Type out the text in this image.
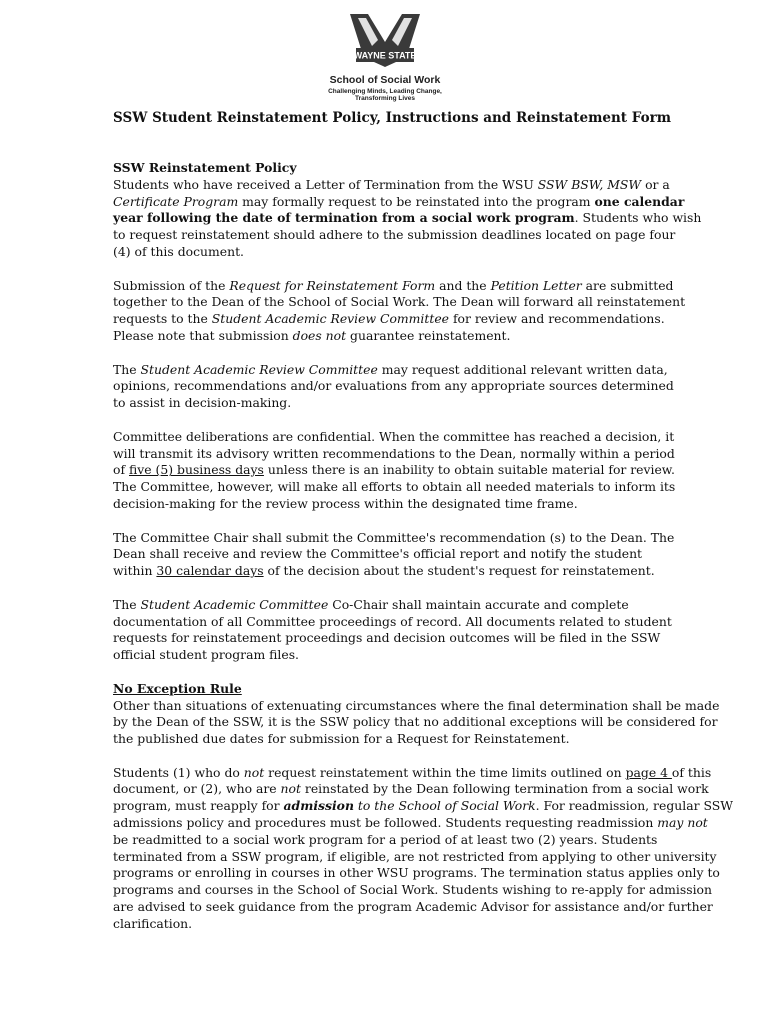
WAYNE STATE
School of Social Work
Challenging Minds, Leading Change, Transforming Lives
SSW Student Reinstatement Policy, Instructions and Reinstatement Form
SSW Reinstatement Policy
Students who have received a Letter of Termination from the WSU SSW BSW, MSW or a
Certificate Program may formally request to be reinstated into the program one calendar
year following the date of termination from a social work program. Students who wish
to request reinstatement should adhere to the submission deadlines located on page four
(4) of this document.
Submission of the Request for Reinstatement Form and the Petition Letter are submitted
together to the Dean of the School of Social Work. The Dean will forward all reinstatement
requests to the Student Academic Review Committee for review and recommendations.
Please note that submission does not guarantee reinstatement.
The Student Academic Review Committee may request additional relevant written data,
opinions, recommendations and/or evaluations from any appropriate sources determined
to assist in decision-making.
Committee deliberations are confidential. When the committee has reached a decision, it
will transmit its advisory written recommendations to the Dean, normally within a period
of five (5) business days unless there is an inability to obtain suitable material for review.
The Committee, however, will make all efforts to obtain all needed materials to inform its
decision-making for the review process within the designated time frame.
The Committee Chair shall submit the Committee's recommendation (s) to the Dean. The
Dean shall receive and review the Committee's official report and notify the student
within 30 calendar days of the decision about the student's request for reinstatement.
The Student Academic Committee Co-Chair shall maintain accurate and complete
documentation of all Committee proceedings of record. All documents related to student
requests for reinstatement proceedings and decision outcomes will be filed in the SSW
official student program files.
No Exception Rule
Other than situations of extenuating circumstances where the final determination shall be made
by the Dean of the SSW, it is the SSW policy that no additional exceptions will be considered for
the published due dates for submission for a Request for Reinstatement.
Students (1) who do not request reinstatement within the time limits outlined on page 4 of this
document, or (2), who are not reinstated by the Dean following termination from a social work
program, must reapply for admission to the School of Social Work. For readmission, regular SSW
admissions policy and procedures must be followed. Students requesting readmission may not
be readmitted to a social work program for a period of at least two (2) years. Students
terminated from a SSW program, if eligible, are not restricted from applying to other university
programs or enrolling in courses in other WSU programs. The termination status applies only to
programs and courses in the School of Social Work. Students wishing to re-apply for admission
are advised to seek guidance from the program Academic Advisor for assistance and/or further
clarification.
